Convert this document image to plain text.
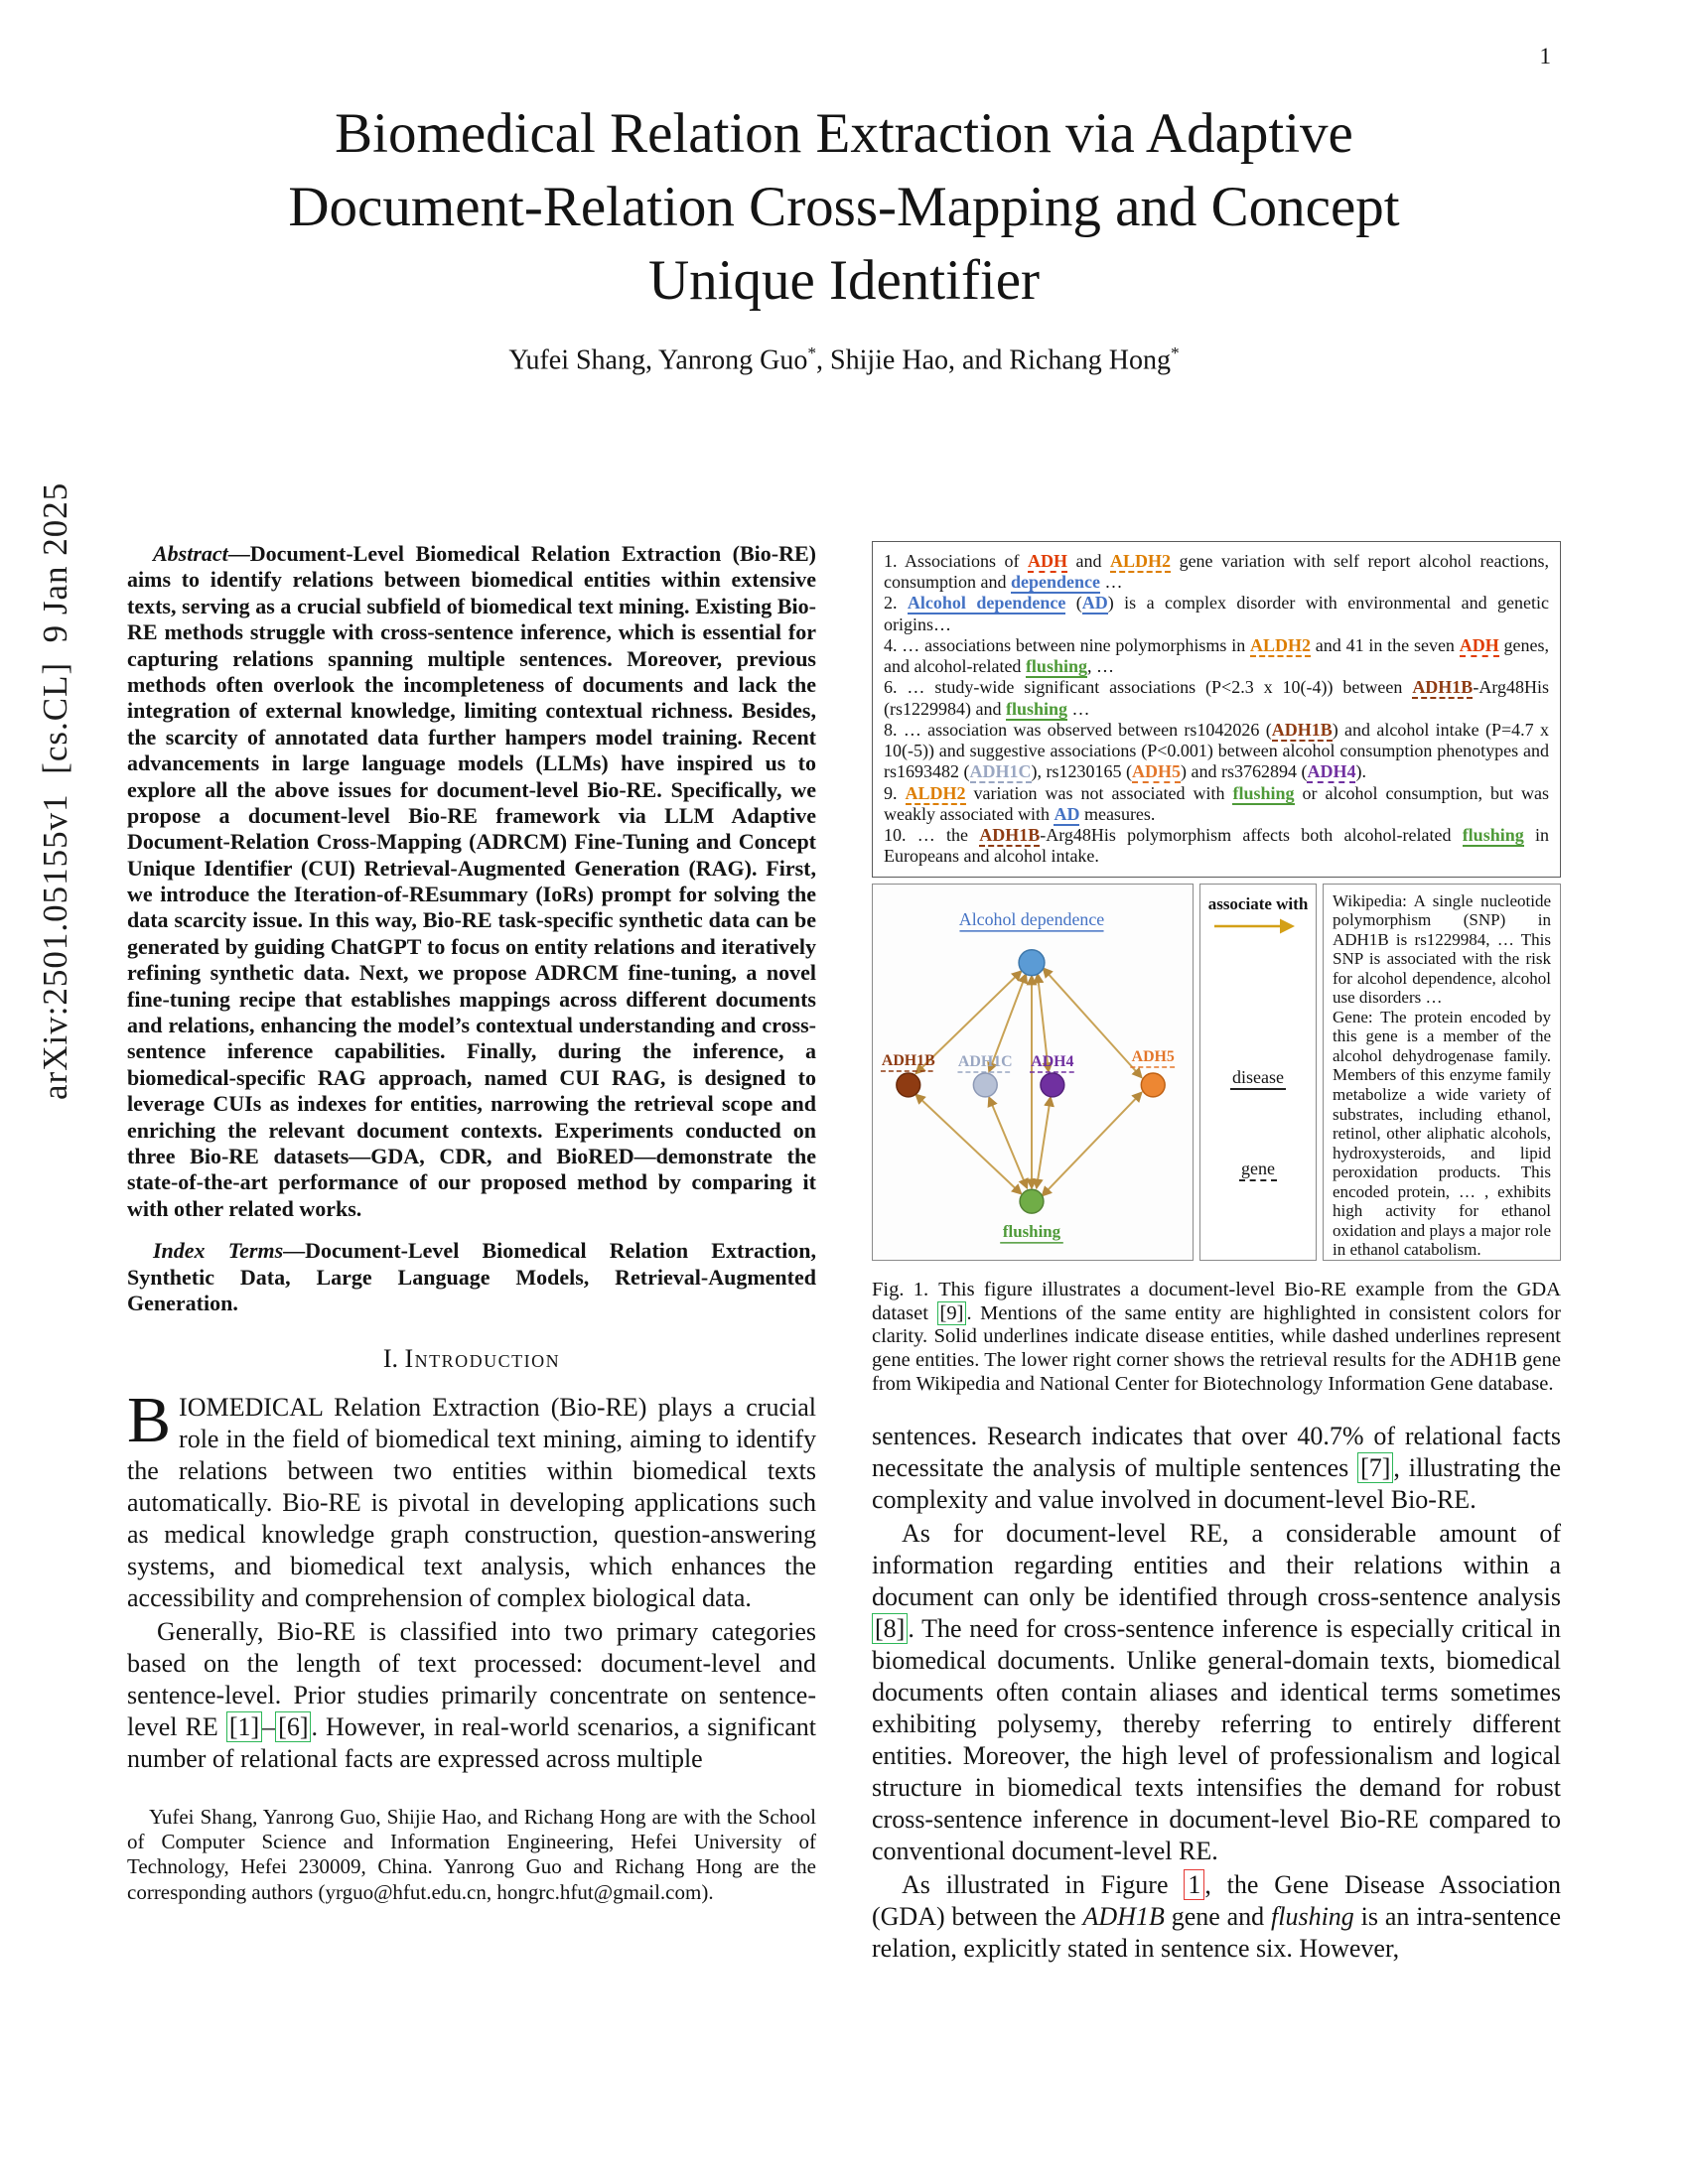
1
arXiv:2501.05155v1  [cs.CL]  9 Jan 2025
Biomedical Relation Extraction via Adaptive
Document-Relation Cross-Mapping and Concept
Unique Identifier
Yufei Shang, Yanrong Guo*, Shijie Hao, and Richang Hong*

Abstract—Document-Level Biomedical Relation Extraction (Bio-RE) aims to identify relations between biomedical entities within extensive texts, serving as a crucial subfield of biomedical text mining. Existing Bio-RE methods struggle with cross-sentence inference, which is essential for capturing relations spanning multiple sentences. Moreover, previous methods often overlook the incompleteness of documents and lack the integration of external knowledge, limiting contextual richness. Besides, the scarcity of annotated data further hampers model training. Recent advancements in large language models (LLMs) have inspired us to explore all the above issues for document-level Bio-RE. Specifically, we propose a document-level Bio-RE framework via LLM Adaptive Document-Relation Cross-Mapping (ADRCM) Fine-Tuning and Concept Unique Identifier (CUI) Retrieval-Augmented Generation (RAG). First, we introduce the Iteration-of-REsummary (IoRs) prompt for solving the data scarcity issue. In this way, Bio-RE task-specific synthetic data can be generated by guiding ChatGPT to focus on entity relations and iteratively refining synthetic data. Next, we propose ADRCM fine-tuning, a novel fine-tuning recipe that establishes mappings across different documents and relations, enhancing the model’s contextual understanding and cross-sentence inference capabilities. Finally, during the inference, a biomedical-specific RAG approach, named CUI RAG, is designed to leverage CUIs as indexes for entities, narrowing the retrieval scope and enriching the relevant document contexts. Experiments conducted on three Bio-RE datasets—GDA, CDR, and BioRED—demonstrate the state-of-the-art performance of our proposed method by comparing it with other related works.

Index Terms—Document-Level Biomedical Relation Extraction, Synthetic Data, Large Language Models, Retrieval-Augmented Generation.

I. Introduction

BIOMEDICAL Relation Extraction (Bio-RE) plays a crucial role in the field of biomedical text mining, aiming to identify the relations between two entities within biomedical texts automatically. Bio-RE is pivotal in developing applications such as medical knowledge graph construction, question-answering systems, and biomedical text analysis, which enhances the accessibility and comprehension of complex biological data.

Generally, Bio-RE is classified into two primary categories based on the length of text processed: document-level and sentence-level. Prior studies primarily concentrate on sentence-level RE [1] – [6] . However, in real-world scenarios, a significant number of relational facts are expressed across multiple

Yufei Shang, Yanrong Guo, Shijie Hao, and Richang Hong are with the School of Computer Science and Information Engineering, Hefei University of Technology, Hefei 230009, China. Yanrong Guo and Richang Hong are the corresponding authors (yrguo@hfut.edu.cn, hongrc.hfut@gmail.com).

1. Associations of ADH and ALDH2 gene variation with self report alcohol reactions, consumption and dependence …

2. Alcohol dependence (AD) is a complex disorder with environmental and genetic origins…

4. … associations between nine polymorphisms in ALDH2 and 41 in the seven ADH genes, and alcohol-related flushing, …

6. … study-wide significant associations (P<2.3 x 10(-4)) between ADH1B-Arg48His (rs1229984) and flushing …

8. … association was observed between rs1042026 (ADH1B) and alcohol intake (P=4.7 x 10(-5)) and suggestive associations (P<0.001) between alcohol consumption phenotypes and rs1693482 (ADH1C), rs1230165 (ADH5) and rs3762894 (ADH4).

9. ALDH2 variation was not associated with flushing or alcohol consumption, but was weakly associated with AD measures.

10. … the ADH1B-Arg48His polymorphism affects both alcohol-related flushing in Europeans and alcohol intake.

Alcohol dependence
ADH1B ADH1C ADH4	ADH5
flushing
associate with
disease
gene

Wikipedia: A single nucleotide polymorphism (SNP) in ADH1B is rs1229984, … This SNP is associated with the risk for alcohol dependence, alcohol use disorders …

Gene: The protein encoded by this gene is a member of the alcohol dehydrogenase family. Members of this enzyme family metabolize a wide variety of substrates, including ethanol, retinol, other aliphatic alcohols, hydroxysteroids, and lipid peroxidation products. This encoded protein, … , exhibits high activity for ethanol oxidation and plays a major role in ethanol catabolism.

Fig. 1. This figure illustrates a document-level Bio-RE example from the GDA dataset [9] . Mentions of the same entity are highlighted in consistent colors for clarity. Solid underlines indicate disease entities, while dashed underlines represent gene entities. The lower right corner shows the retrieval results for the ADH1B gene from Wikipedia and National Center for Biotechnology Information Gene database.

sentences. Research indicates that over 40.7% of relational facts necessitate the analysis of multiple sentences [7] , illustrating the complexity and value involved in document-level Bio-RE.

As for document-level RE, a considerable amount of information regarding entities and their relations within a document can only be identified through cross-sentence analysis [8] . The need for cross-sentence inference is especially critical in biomedical documents. Unlike general-domain texts, biomedical documents often contain aliases and identical terms sometimes exhibiting polysemy, thereby referring to entirely different entities. Moreover, the high level of professionalism and logical structure in biomedical texts intensifies the demand for robust cross-sentence inference in document-level Bio-RE compared to conventional document-level RE.

As illustrated in Figure 1 , the Gene Disease Association (GDA) between the ADH1B gene and flushing is an intra-sentence relation, explicitly stated in sentence six. However,
